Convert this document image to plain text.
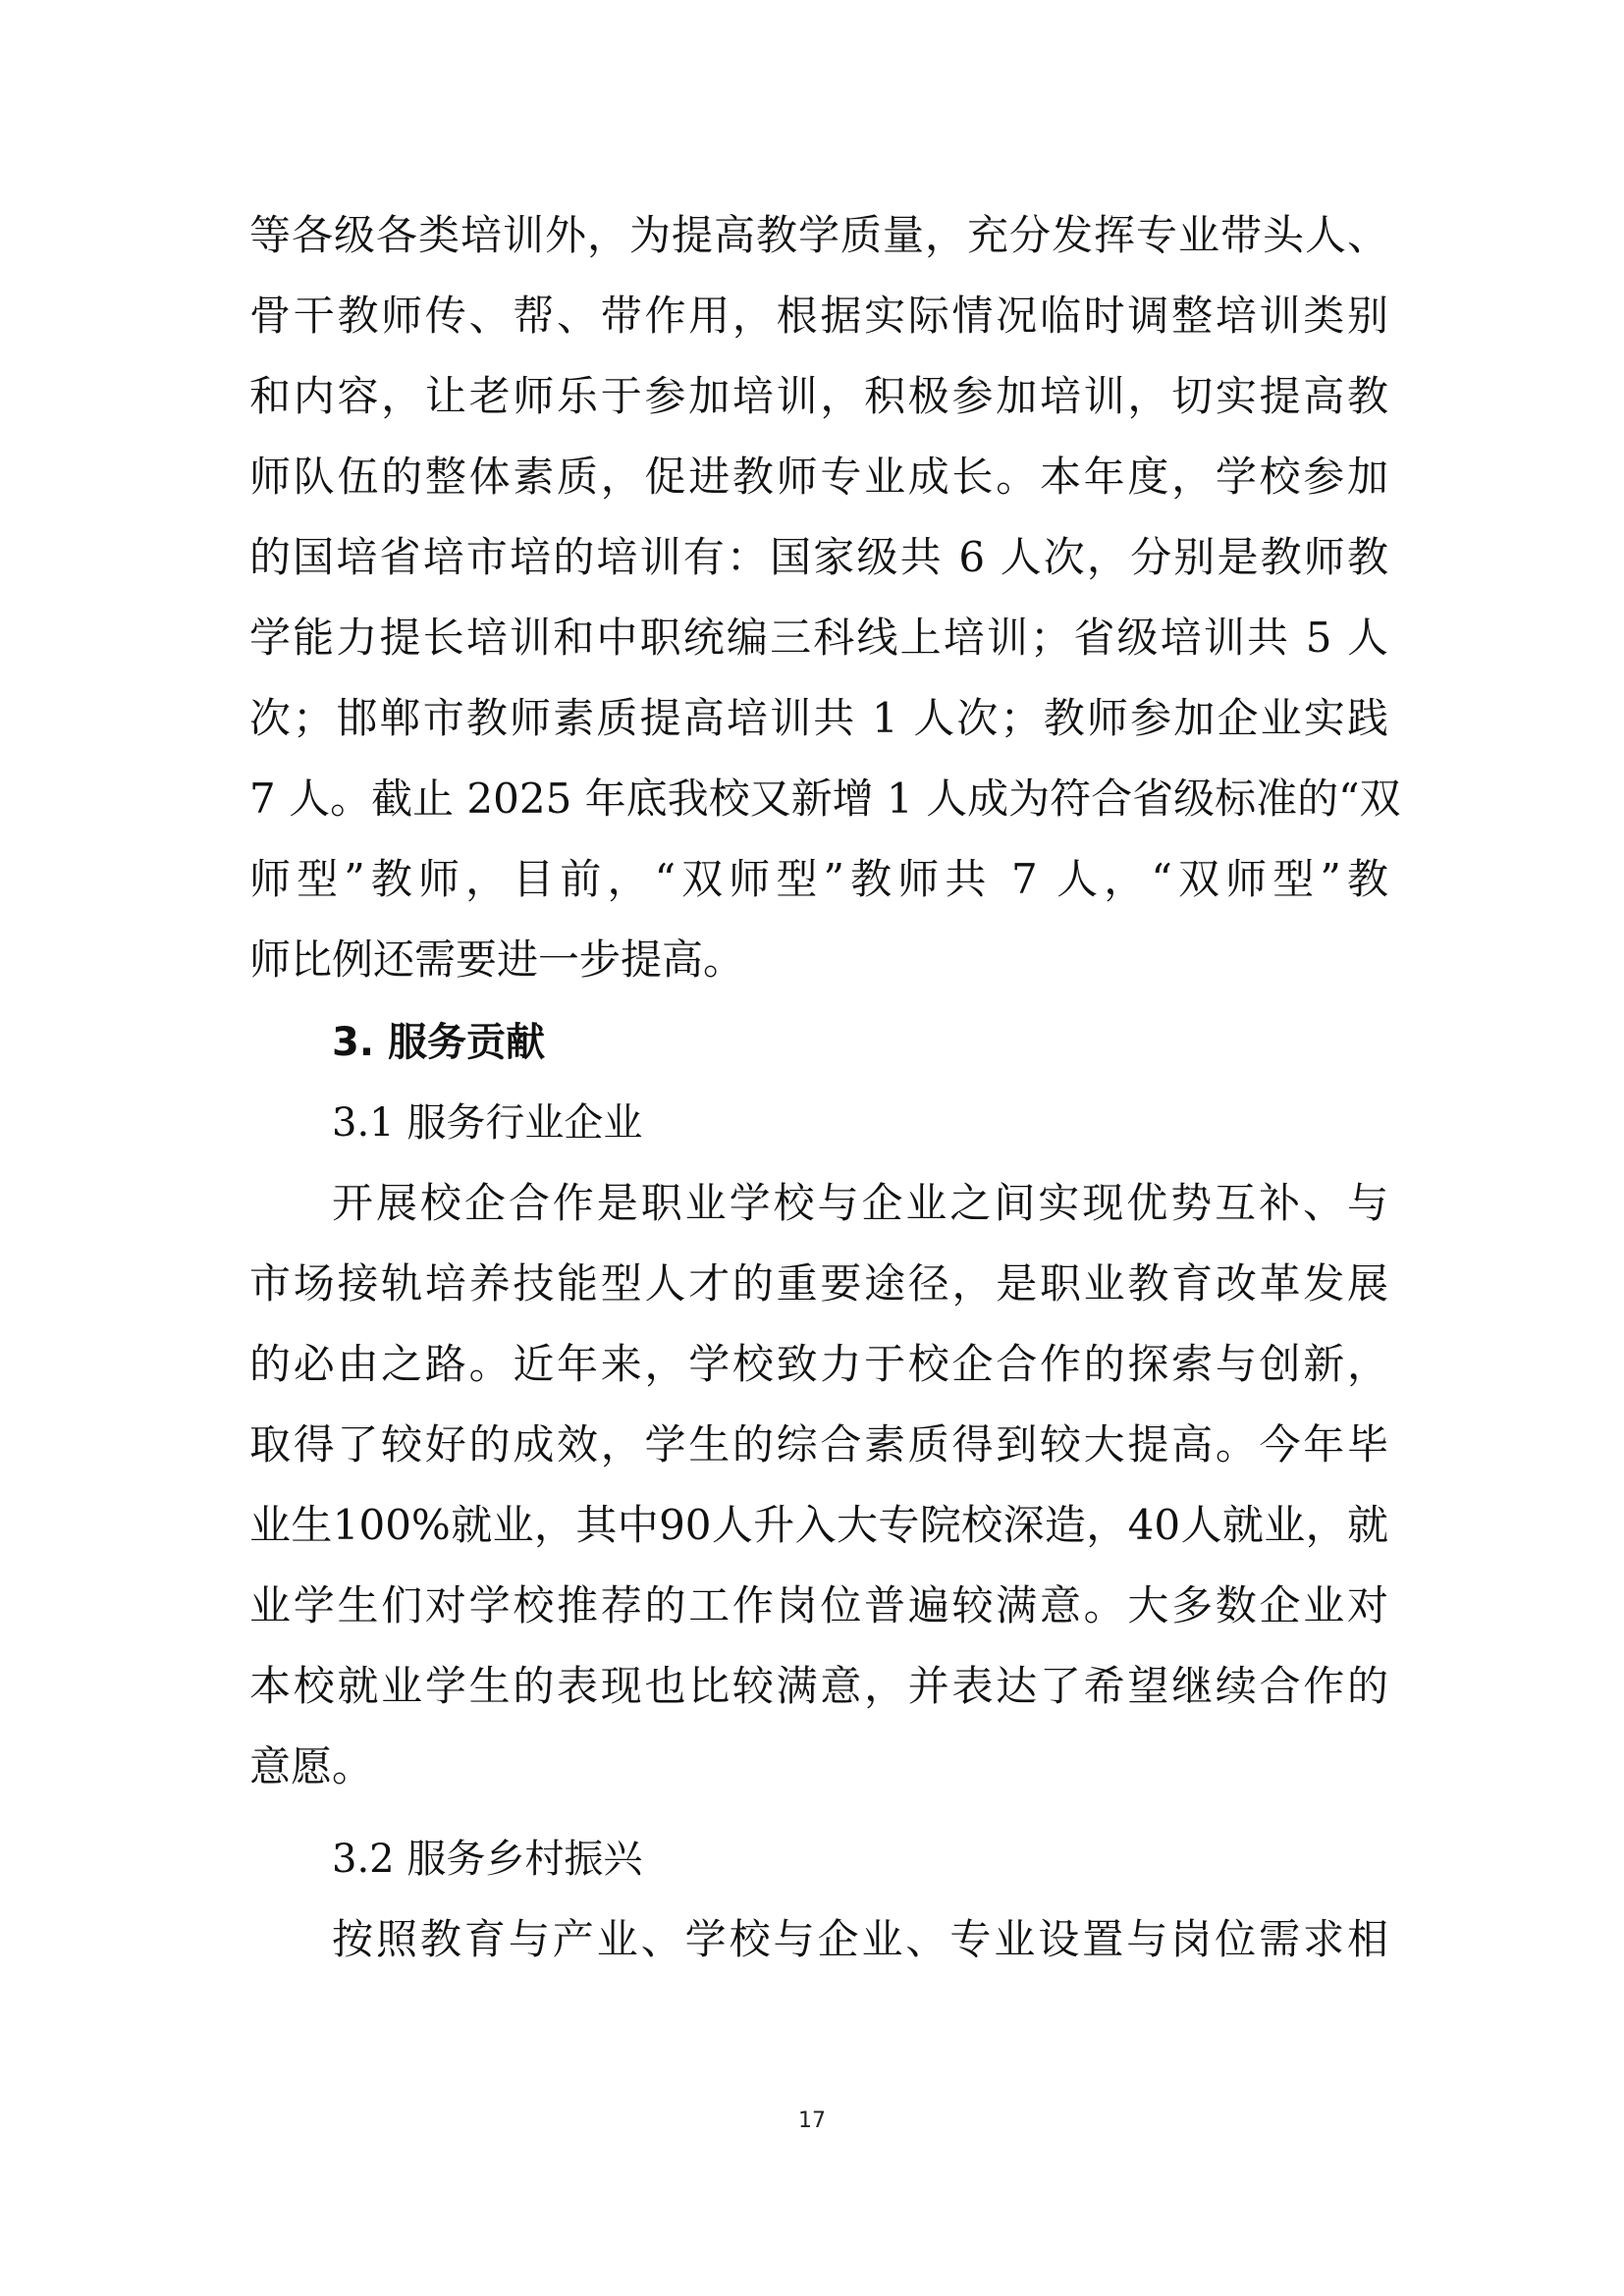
等各级各类培训外，为提高教学质量，充分发挥专业带头人、
骨干教师传、帮、带作用，根据实际情况临时调整培训类别
和内容，让老师乐于参加培训，积极参加培训，切实提高教
师队伍的整体素质，促进教师专业成长。本年度，学校参加
的国培省培市培的培训有：国家级共 6 人次，分别是教师教
学能力提长培训和中职统编三科线上培训；省级培训共 5 人
次；邯郸市教师素质提高培训共 1 人次；教师参加企业实践
7 人。截止 2025 年底我校又新增 1 人成为符合省级标准的“双
师型”教师，目前，“双师型”教师共 7 人，“双师型”教
师比例还需要进一步提高。
3. 服务贡献
3.1 服务行业企业
开展校企合作是职业学校与企业之间实现优势互补、与
市场接轨培养技能型人才的重要途径，是职业教育改革发展
的必由之路。近年来，学校致力于校企合作的探索与创新，
取得了较好的成效，学生的综合素质得到较大提高。今年毕
业生100%就业，其中90人升入大专院校深造，40人就业，就
业学生们对学校推荐的工作岗位普遍较满意。大多数企业对
本校就业学生的表现也比较满意，并表达了希望继续合作的
意愿。
3.2 服务乡村振兴
按照教育与产业、学校与企业、专业设置与岗位需求相
17
